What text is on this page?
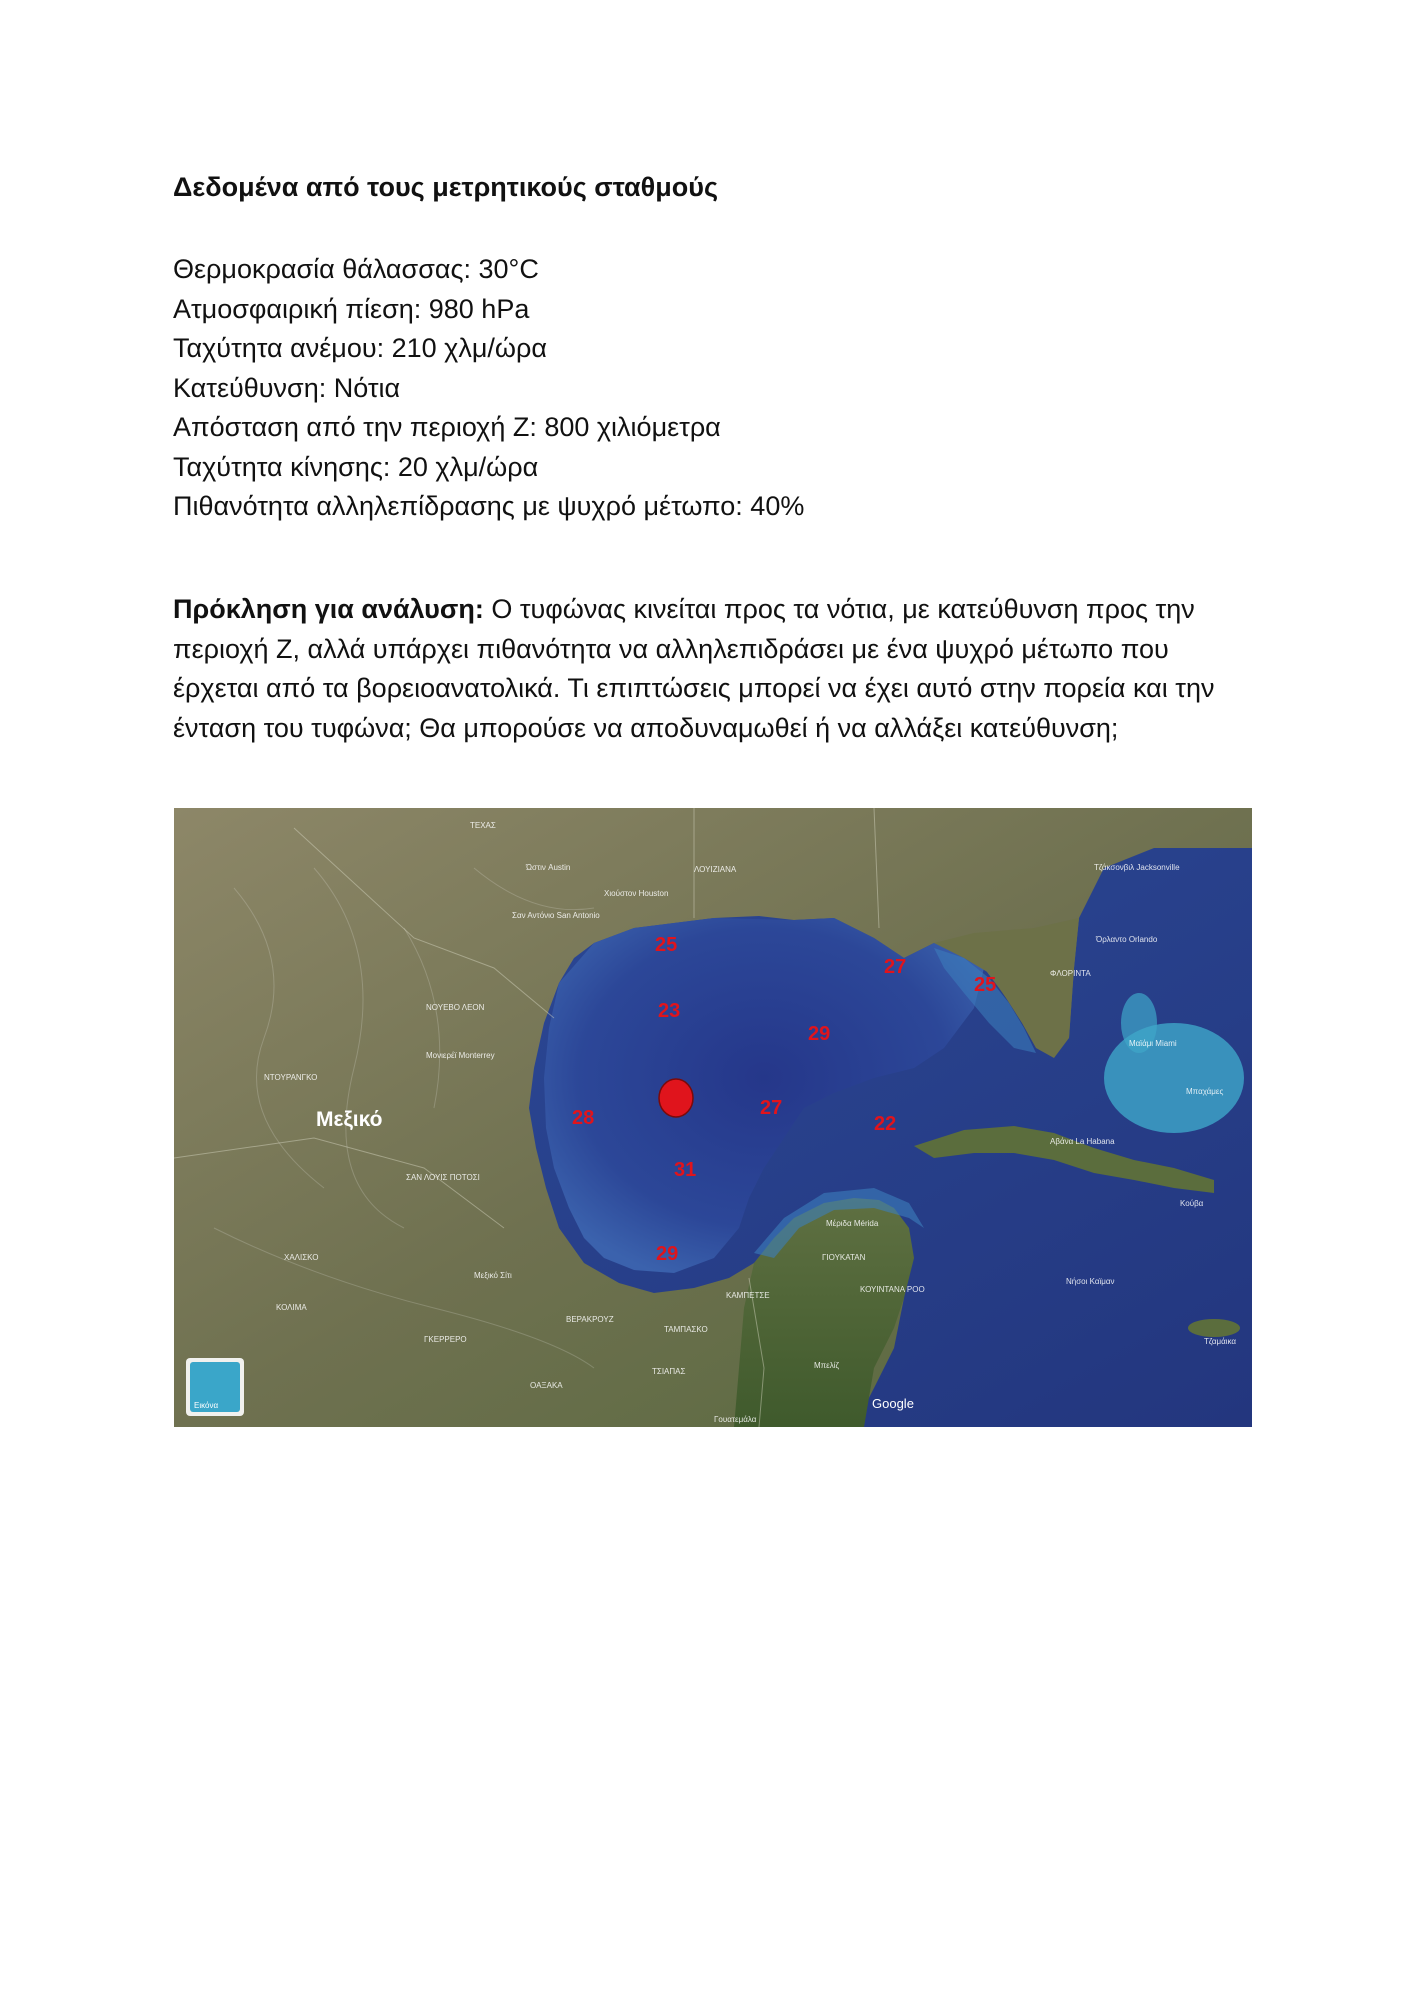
Δεδομένα από τους μετρητικούς σταθμούς
Θερμοκρασία θάλασσας: 30°C
Ατμοσφαιρική πίεση: 980 hPa
Ταχύτητα ανέμου: 210 χλμ/ώρα
Κατεύθυνση: Νότια
Απόσταση από την περιοχή Z: 800 χιλιόμετρα
Ταχύτητα κίνησης: 20 χλμ/ώρα
Πιθανότητα αλληλεπίδρασης με ψυχρό μέτωπο: 40%

Πρόκληση για ανάλυση: Ο τυφώνας κινείται προς τα νότια, με κατεύθυνση προς την περιοχή Z, αλλά υπάρχει πιθανότητα να αλληλεπιδράσει με ένα ψυχρό μέτωπο που έρχεται από τα βορειοανατολικά. Τι επιπτώσεις μπορεί να έχει αυτό στην πορεία και την ένταση του τυφώνα; Θα μπορούσε να αποδυναμωθεί ή να αλλάξει κατεύθυνση;

ΤΕΧΑΣ
Ώστιν Austin
Χιούστον Houston
ΛΟΥΙΖΙΑΝΑ	Τζάκσονβιλ Jacksonville
Σαν Αντόνιο San Antonio
Όρλαντο Orlando
ΦΛΟΡΙΝΤΑ
ΝΟΥΕΒΟ ΛΕΟΝ
Μαϊάμι Miami
Μονιερέϊ Monterrey
ΝΤΟΥΡΑΝΓΚΟ
Μπαχάμες
Αβάνα La Habana
Κούβα
ΣΑΝ ΛΟΥΙΣ ΠΟΤΟΣΙ
Μέριδα Mérida
ΓΙΟΥΚΑΤΑΝ
Νήσοι Καϊμαν
ΧΑΛΙΣΚΟ
ΚΟΛΙΜΑ
Μεξικό Σίτι
ΒΕΡΑΚΡΟΥΖ
ΤΑΜΠΑΣΚΟ
ΚΑΜΠΕΤΣΕ
ΚΟΥΙΝΤΑΝΑ ΡΟΟ
ΓΚΕΡΡΕΡΟ
ΟΑΞΑΚΑ
ΤΣΙΑΠΑΣ
Τζαμάικα
Μπελίζ
Γουατεμάλα
Μεξικό
25
27
25
23
29
28	27
22
31
29
Εικόνα	Google
